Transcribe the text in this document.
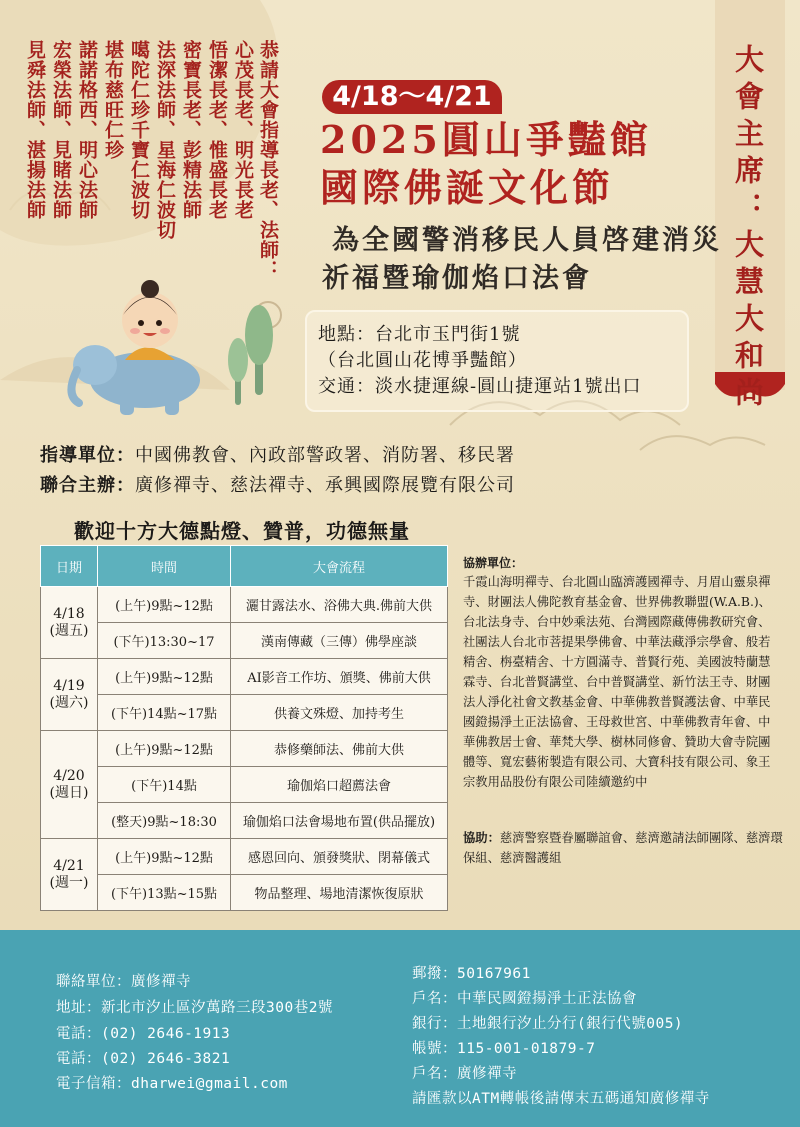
恭請大會指導長老、法師：
心茂長老、明光長老
悟潔長老、惟盛長老
密寶長老、彭精法師
法深法師、星海仁波切
噶陀仁珍千寶仁波切
堪布慈旺仁珍
諾諾格西、明心法師
宏榮法師、見睹法師
見舜法師、湛揚法師	大會主席：大慧大和尚
4/18〜4/21
2025圓山爭豔館
國際佛誕文化節
為全國警消移民人員啓建消災
祈福暨瑜伽焰口法會
地點：台北市玉門街1號
（台北圓山花博爭豔館）
交通：淡水捷運線-圓山捷運站1號出口
指導單位：中國佛教會、內政部警政署、消防署、移民署
聯合主辦：廣修禪寺、慈法禪寺、承興國際展覽有限公司
歡迎十方大德點燈、贊普，功德無量
日期	時間	大會流程

4/18
(週五)	(上午)9點~12點	灑甘露法水、浴佛大典.佛前大供
	(下午)13:30~17	漢南傳藏（三傳）佛學座談

4/19
(週六)	(上午)9點~12點	AI影音工作坊、頒獎、佛前大供
	(下午)14點~17點	供養文殊燈、加持考生

4/20
(週日)	(上午)9點~12點	恭修藥師法、佛前大供
	(下午)14點	瑜伽焰口超薦法會
	(整天)9點~18:30	瑜伽焰口法會場地布置(供品擺放)

4/21
(週一)	(上午)9點~12點	感恩回向、頒發獎狀、閉幕儀式
	(下午)13點~15點	物品整理、場地清潔恢復原狀
協辦單位：
千霞山海明禪寺、台北圓山臨濟護國禪寺、月眉山靈泉禪寺、財團法人佛陀教育基金會、世界佛教聯盟(W.A.B.)、台北法身寺、台中妙乘法苑、台灣國際藏傳佛教研究會、社團法人台北市菩提果學佛會、中華法藏淨宗學會、般若精舍、栴臺精舍、十方圓滿寺、普賢行苑、美國波特蘭慧霖寺、台北普賢講堂、台中普賢講堂、新竹法王寺、財團法人淨化社會文教基金會、中華佛教普賢護法會、中華民國鐙揚淨土正法協會、王母救世宮、中華佛教青年會、中華佛教居士會、華梵大學、樹林同修會、贊助大會寺院團體等、寬宏藝術製造有限公司、大寶科技有限公司、象王宗教用品股份有限公司陸續邀約中
協助：慈濟警察暨眷屬聯誼會、慈濟邀請法師團隊、慈濟環保組、慈濟醫護組
聯絡單位：廣修禪寺
地址：新北市汐止區汐萬路三段300巷2號
電話：(02) 2646-1913
電話：(02) 2646-3821
電子信箱：dharwei@gmail.com
郵撥：50167961
戶名：中華民國鐙揚淨土正法協會
銀行：土地銀行汐止分行(銀行代號005)
帳號：115-001-01879-7
戶名：廣修禪寺
請匯款以ATM轉帳後請傳末五碼通知廣修禪寺
